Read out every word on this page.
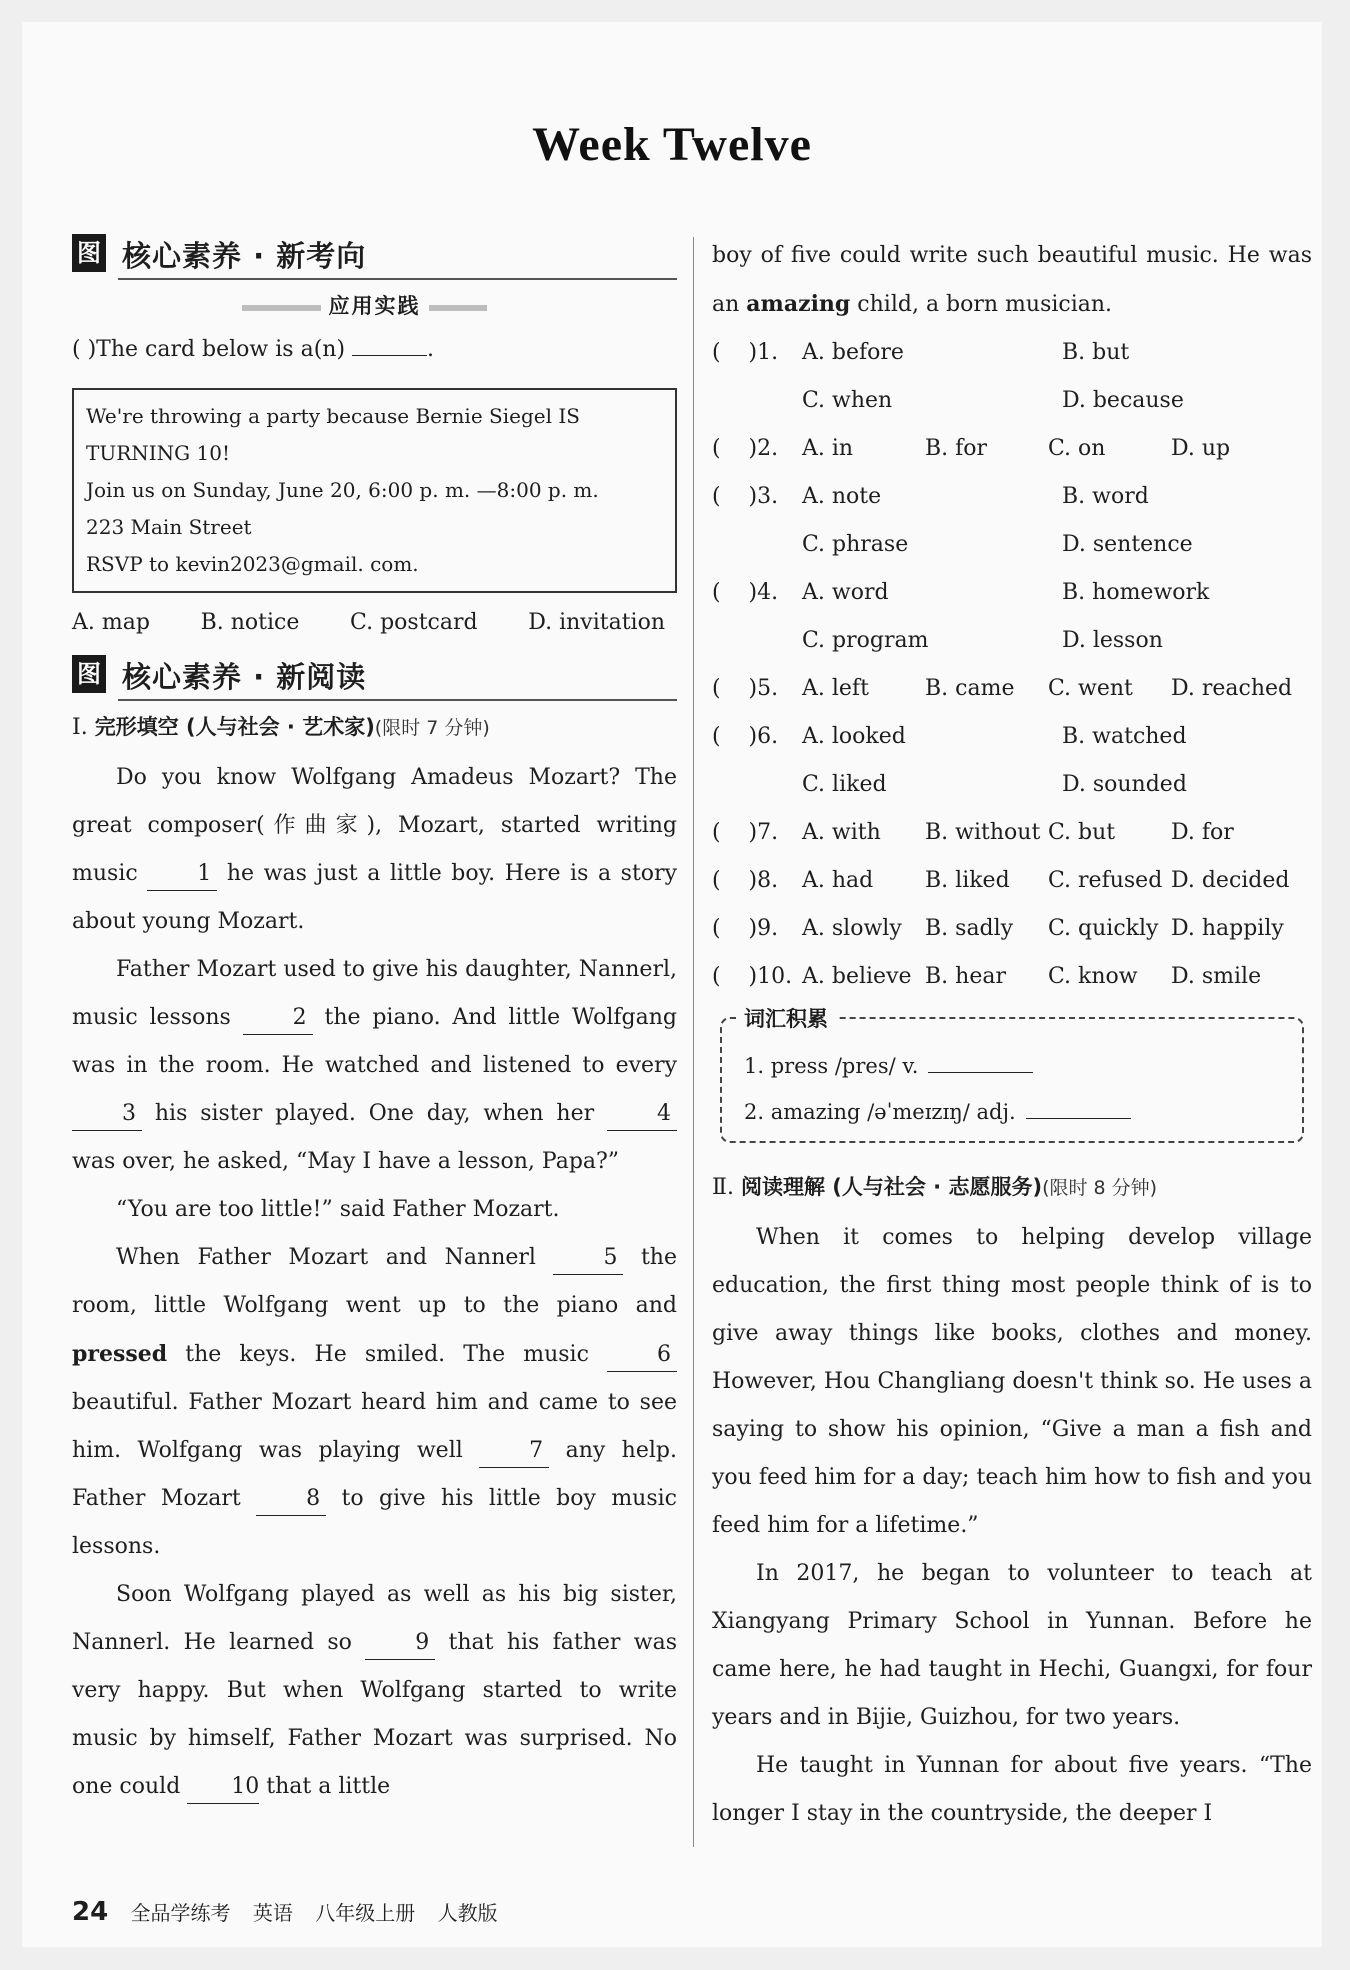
Week Twelve
图 核心素养 · 新考向
应用实践

( )The card below is a(n)	.

We're throwing a party because Bernie Siegel IS TURNING 10!
Join us on Sunday, June 20, 6:00 p. m. —8:00 p. m.
223 Main Street
RSVP to kevin2023@gmail. com.
A. map B. notice C. postcard D. invitation
图 核心素养 · 新阅读
Ⅰ. 完形填空 (人与社会 · 艺术家)(限时 7 分钟)

Do you know Wolfgang Amadeus Mozart? The great composer(作曲家), Mozart, started writing music 1 he was just a little boy. Here is a story about young Mozart.

Father Mozart used to give his daughter, Nannerl, music lessons 2 the piano. And little Wolfgang was in the room. He watched and listened to every 3 his sister played. One day, when her 4 was over, he asked, “May I have a lesson, Papa?”

“You are too little!” said Father Mozart.

When Father Mozart and Nannerl 5 the room, little Wolfgang went up to the piano and pressed the keys. He smiled. The music 6 beautiful. Father Mozart heard him and came to see him. Wolfgang was playing well 7 any help. Father Mozart 8 to give his little boy music lessons.

Soon Wolfgang played as well as his big sister, Nannerl. He learned so 9 that his father was very happy. But when Wolfgang started to write music by himself, Father Mozart was surprised. No one could 10 that a little

boy of five could write such beautiful music. He was an amazing child, a born musician.

(    )1.	A. before	B. but
C. when	D. because
(    )2.	A. in	B. for	C. on	D. up
(    )3.	A. note	B. word
C. phrase	D. sentence
(    )4.	A. word	B. homework
C. program	D. lesson
(    )5.	A. left	B. came	C. went	D. reached
(    )6.	A. looked	B. watched
C. liked	D. sounded
(    )7.	A. with	B. without C. but	D. for
(    )8.	A. had	B. liked	C. refused D. decided
(    )9.	A. slowly	B. sadly	C. quickly D. happily
(    )10. A. believe B. hear	C. know	D. smile
词汇积累
1. press /pres/ v.
2. amazing /əˈmeɪzɪŋ/ adj.
Ⅱ. 阅读理解 (人与社会 · 志愿服务)(限时 8 分钟)

When it comes to helping develop village education, the first thing most people think of is to give away things like books, clothes and money. However, Hou Changliang doesn't think so. He uses a saying to show his opinion, “Give a man a fish and you feed him for a day; teach him how to fish and you feed him for a lifetime.”

In 2017, he began to volunteer to teach at Xiangyang Primary School in Yunnan. Before he came here, he had taught in Hechi, Guangxi, for four years and in Bijie, Guizhou, for two years.

He taught in Yunnan for about five years. “The longer I stay in the countryside, the deeper I

24 全品学练考 英语 八年级上册 人教版
